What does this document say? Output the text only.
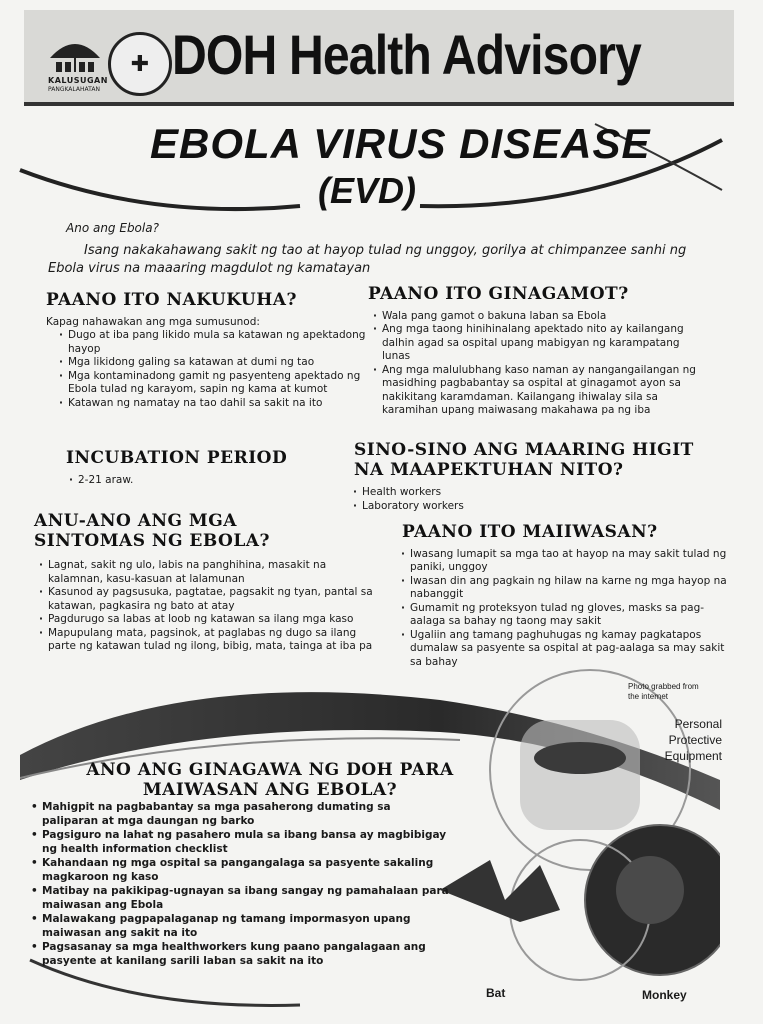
KALUSUGAN
PANGKALAHATAN
✚ DOH Health Advisory
EBOLA VIRUS DISEASE
(EVD)
Ano ang Ebola?
Isang nakakahawang sakit ng tao at hayop tulad ng unggoy, gorilya at chimpanzee sanhi ng Ebola virus na maaaring magdulot ng kamatayan
PAANO ITO NAKUKUHA?
Kapag nahawakan ang mga sumusunod:
· Dugo at iba pang likido mula sa katawan ng apektadong hayop
· Mga likidong galing sa katawan at dumi ng tao
· Mga kontaminadong gamit ng pasyenteng apektado ng Ebola tulad ng karayom, sapin ng kama at kumot
· Katawan ng namatay na tao dahil sa sakit na ito
PAANO ITO GINAGAMOT?
· Wala pang gamot o bakuna laban sa Ebola
· Ang mga taong hinihinalang apektado nito ay kailangang dalhin agad sa ospital upang mabigyan ng karampatang lunas
· Ang mga malulubhang kaso naman ay nangangailangan ng masidhing pagbabantay sa ospital at ginagamot ayon sa nakikitang karamdaman. Kailangang ihiwalay sila sa karamihan upang maiwasang makahawa pa ng iba
INCUBATION PERIOD
· 2-21 araw.
SINO-SINO ANG MAARING HIGIT NA MAAPEKTUHAN NITO?
· Health workers
· Laboratory workers
ANU-ANO ANG MGA SINTOMAS NG EBOLA?
· Lagnat, sakit ng ulo, labis na panghihina, masakit na kalamnan, kasu-kasuan at lalamunan
· Kasunod ay pagsusuka, pagtatae, pagsakit ng tyan, pantal sa katawan, pagkasira ng bato at atay
· Pagdurugo sa labas at loob ng katawan sa ilang mga kaso
· Mapupulang mata, pagsinok, at paglabas ng dugo sa ilang parte ng katawan tulad ng ilong, bibig, mata, tainga at iba pa
PAANO ITO MAIIWASAN?
· Iwasang lumapit sa mga tao at hayop na may sakit tulad ng paniki, unggoy
· Iwasan din ang pagkain ng hilaw na karne ng mga hayop na nabanggit
· Gumamit ng proteksyon tulad ng gloves, masks sa pag-aalaga sa bahay ng taong may sakit
· Ugaliin ang tamang paghuhugas ng kamay pagkatapos dumalaw sa pasyente sa ospital at pag-aalaga sa may sakit sa bahay
ANO ANG GINAGAWA NG DOH PARA MAIWASAN ANG EBOLA?
• Mahigpit na pagbabantay sa mga pasaherong dumating sa paliparan at mga daungan ng barko
• Pagsiguro na lahat ng pasahero mula sa ibang bansa ay magbibigay ng health information checklist
• Kahandaan ng mga ospital sa pangangalaga sa pasyente sakaling magkaroon ng kaso
• Matibay na pakikipag-ugnayan sa ibang sangay ng pamahalaan para maiwasan ang Ebola
• Malawakang pagpapalaganap ng tamang impormasyon upang maiwasan ang sakit na ito
• Pagsasanay sa mga healthworkers kung paano pangalagaan ang pasyente at kanilang sarili laban sa sakit na ito
Photo grabbed from the internet
Personal Protective Equipment
Bat	Monkey
